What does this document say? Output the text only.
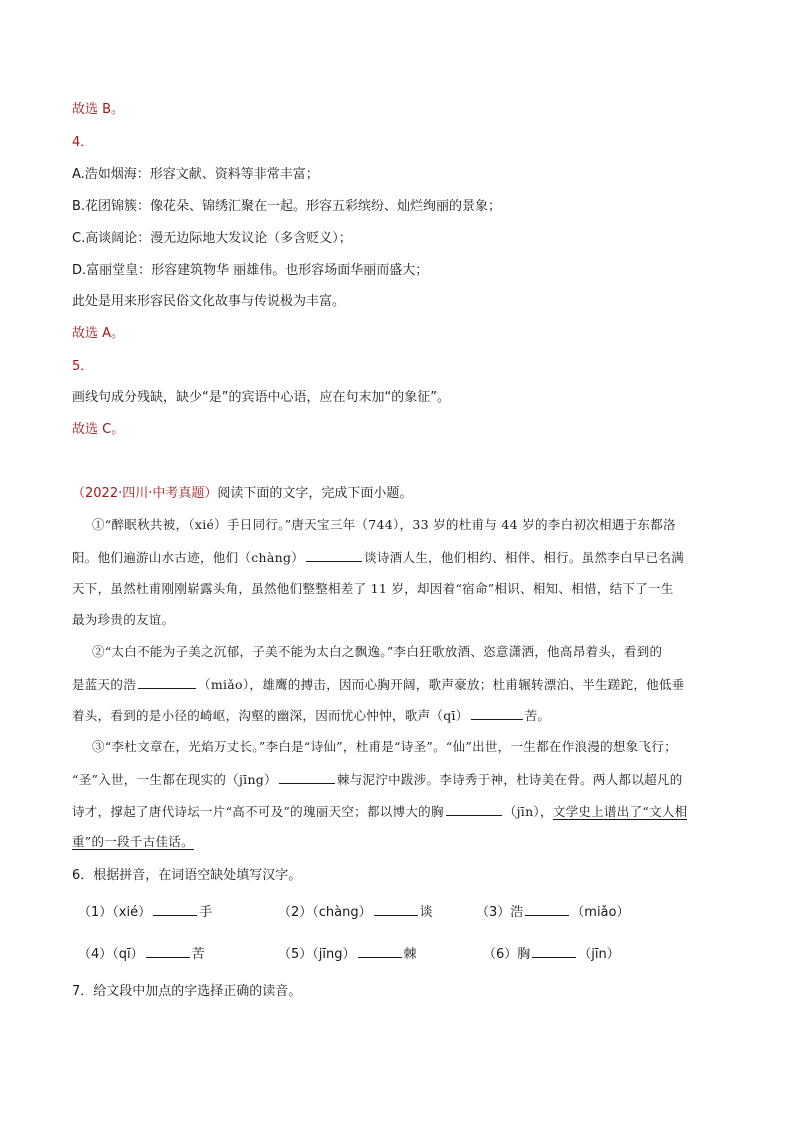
故选 B。
4．
A.浩如烟海：形容文献、资料等非常丰富；
B.花团锦簇：像花朵、锦绣汇聚在一起。形容五彩缤纷、灿烂绚丽的景象；
C.高谈阔论：漫无边际地大发议论（多含贬义）；
D.富丽堂皇：形容建筑物华 丽雄伟。也形容场面华丽而盛大；
此处是用来形容民俗文化故事与传说极为丰富。
故选 A。
5．
画线句成分残缺，缺少“是”的宾语中心语，应在句末加“的象征”。
故选 C。
（2022·四川·中考真题）阅读下面的文字，完成下面小题。
①“醉眠秋共被，（xié）手日同行。”唐天宝三年（744），33 岁的杜甫与 44 岁的李白初次相遇于东都洛
阳。他们遍游山水古迹，他们（chàng）	谈诗酒人生，他们相约、相伴、相行。虽然李白早已名满
天下，虽然杜甫刚刚崭露头角，虽然他们整整相差了 11 岁，却因着“宿命”相识、相知、相惜，结下了一生
最为珍贵的友谊。
②“太白不能为子美之沉郁，子美不能为太白之飘逸。”李白狂歌放酒、恣意潇洒，他高昂着头，看到的
是蓝天的浩	（miǎo），雄鹰的搏击，因而心胸开阔，歌声豪放；杜甫辗转漂泊、半生蹉跎，他低垂
着头，看到的是小径的崎岖，沟壑的幽深，因而忧心忡忡，歌声（qī）	苦。
③“李杜文章在，光焰万丈长。”李白是“诗仙”，杜甫是“诗圣”。“仙”出世，一生都在作浪漫的想象飞行；
“圣”入世，一生都在现实的（jīng）	棘与泥泞中跋涉。李诗秀于神，杜诗美在骨。两人都以超凡的
诗才，撑起了唐代诗坛一片“高不可及”的瑰丽天空；都以博大的胸	（jīn），文学史上谱出了“文人相
重”的一段千古佳话。
6．根据拼音，在词语空缺处填写汉字。
（1）（xié）	手	（2）（chàng）	谈	（3）浩	（miǎo）
（4）（qī）	苦	（5）（jīng）	棘	（6）胸	（jīn）
7．给文段中加点的字选择正确的读音。
